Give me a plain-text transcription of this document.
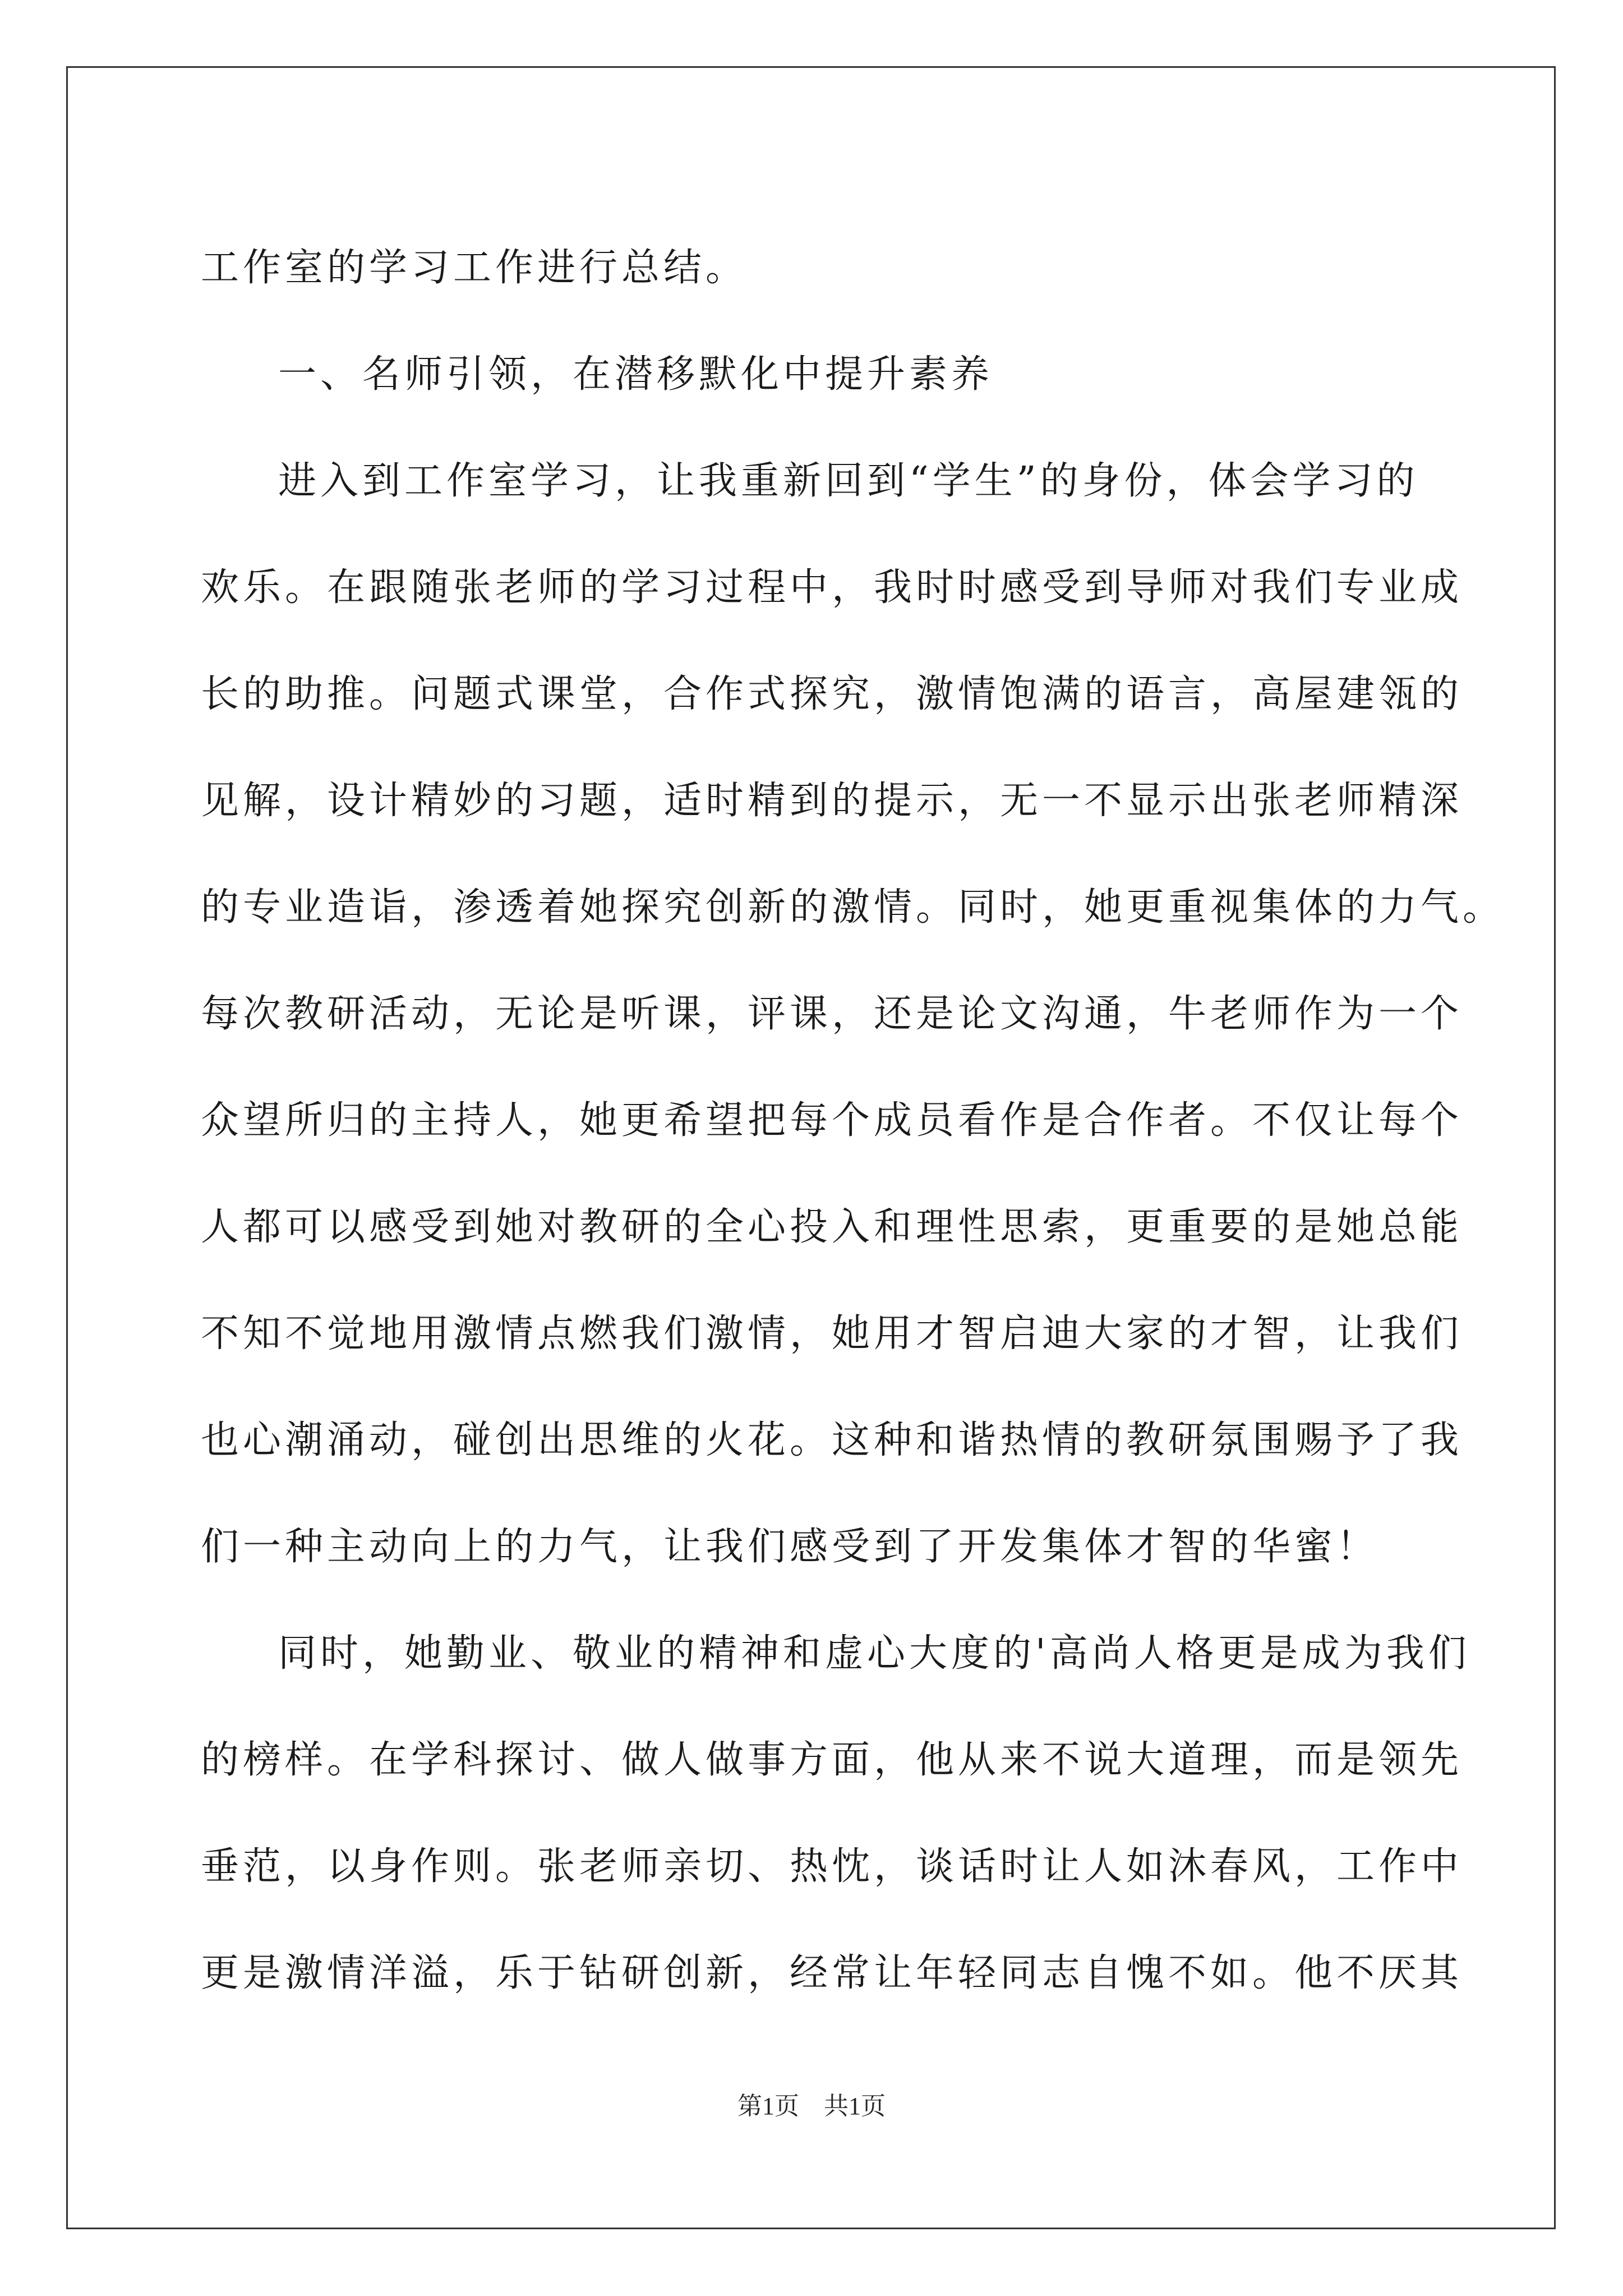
工作室的学习工作进行总结。
一、名师引领，在潜移默化中提升素养
进入到工作室学习，让我重新回到“学生”的身份，体会学习的
欢乐。在跟随张老师的学习过程中，我时时感受到导师对我们专业成
长的助推。问题式课堂，合作式探究，激情饱满的语言，高屋建瓴的
见解，设计精妙的习题，适时精到的提示，无一不显示出张老师精深
的专业造诣，渗透着她探究创新的激情。同时，她更重视集体的力气。
每次教研活动，无论是听课，评课，还是论文沟通，牛老师作为一个
众望所归的主持人，她更希望把每个成员看作是合作者。不仅让每个
人都可以感受到她对教研的全心投入和理性思索，更重要的是她总能
不知不觉地用激情点燃我们激情，她用才智启迪大家的才智，让我们
也心潮涌动，碰创出思维的火花。这种和谐热情的教研氛围赐予了我
们一种主动向上的力气，让我们感受到了开发集体才智的华蜜！
同时，她勤业、敬业的精神和虚心大度的'高尚人格更是成为我们
的榜样。在学科探讨、做人做事方面，他从来不说大道理，而是领先
垂范，以身作则。张老师亲切、热忱，谈话时让人如沐春风，工作中
更是激情洋溢，乐于钻研创新，经常让年轻同志自愧不如。他不厌其
第1页　共1页
